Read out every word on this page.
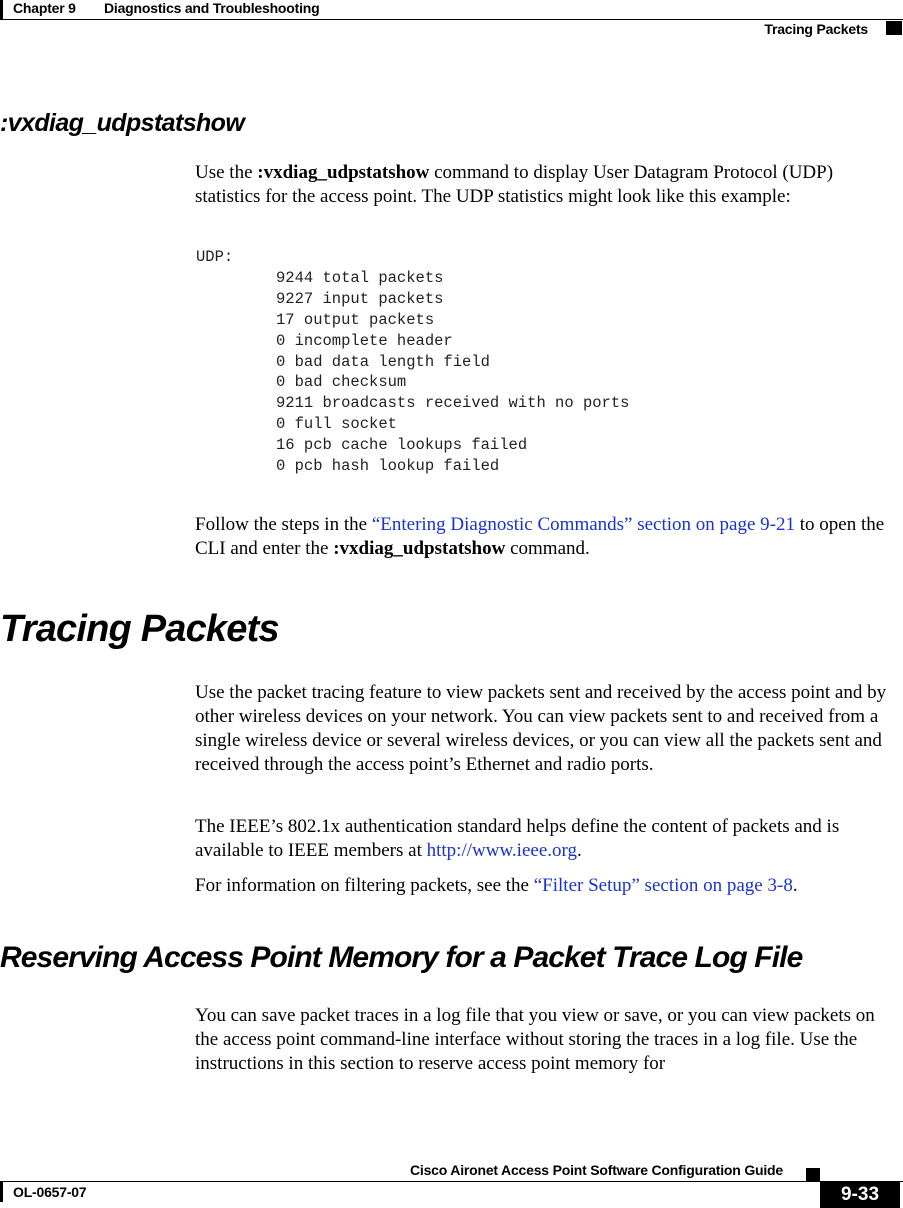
Chapter 9 Diagnostics and Troubleshooting
Tracing Packets
:vxdiag_udpstatshow

Use the :vxdiag_udpstatshow command to display User Datagram Protocol (UDP) statistics for the access point. The UDP statistics might look like this example:

UDP:
9244 total packets
9227 input packets
17 output packets
0 incomplete header
0 bad data length field
0 bad checksum
9211 broadcasts received with no ports
0 full socket
16 pcb cache lookups failed
0 pcb hash lookup failed

Follow the steps in the “Entering Diagnostic Commands” section on page 9-21 to open the CLI and enter the :vxdiag_udpstatshow command.

Tracing Packets

Use the packet tracing feature to view packets sent and received by the access point and by other wireless devices on your network. You can view packets sent to and received from a single wireless device or several wireless devices, or you can view all the packets sent and received through the access point’s Ethernet and radio ports.

The IEEE’s 802.1x authentication standard helps define the content of packets and is available to IEEE members at http://www.ieee.org.

For information on filtering packets, see the “Filter Setup” section on page 3-8.

Reserving Access Point Memory for a Packet Trace Log File

You can save packet traces in a log file that you view or save, or you can view packets on the access point command-line interface without storing the traces in a log file. Use the instructions in this section to reserve access point memory for

Cisco Aironet Access Point Software Configuration Guide
OL-0657-07	9-33
